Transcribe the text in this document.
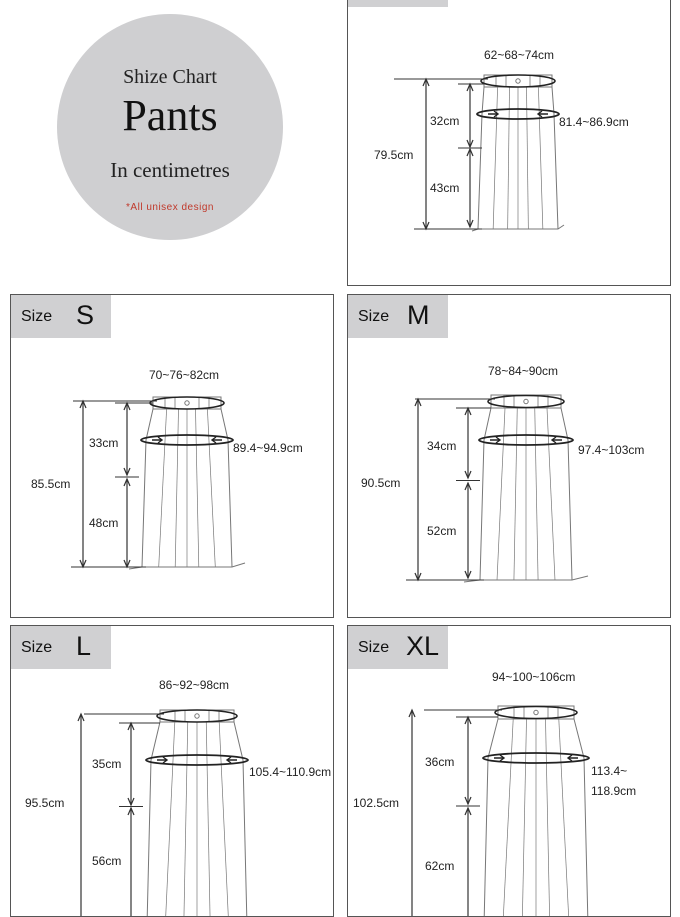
Shize Chart
Pants
In centimetres
*All unisex design
62~68~74cm
81.4~86.9cm
79.5cm
32cm
43cm
Size S
70~76~82cm
89.4~94.9cm
85.5cm
33cm
48cm
Size M
78~84~90cm
97.4~103cm
90.5cm
34cm
52cm
Size L
86~92~98cm
105.4~110.9cm
95.5cm
35cm
56cm
Size XL
94~100~106cm
113.4~
118.9cm
102.5cm
36cm
62cm
